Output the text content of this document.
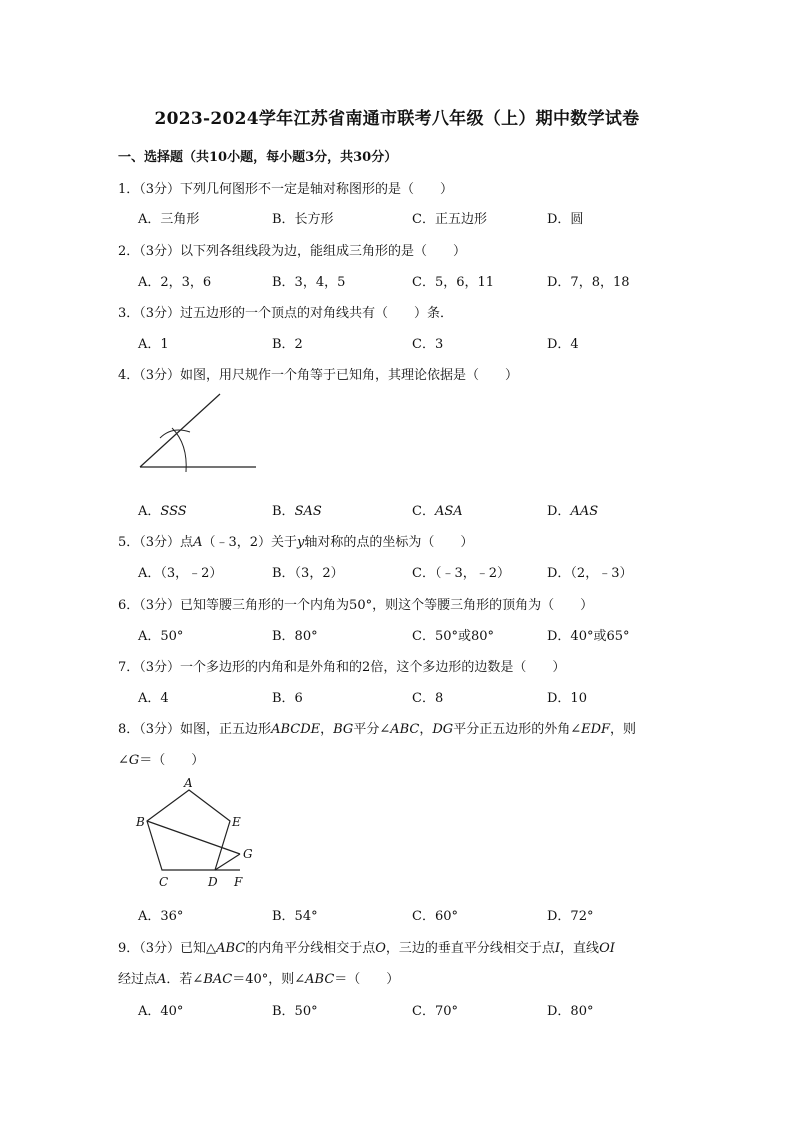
2023-2024学年江苏省南通市联考八年级（上）期中数学试卷
一、选择题（共10小题，每小题3分，共30分）
1．（3分）下列几何图形不一定是轴对称图形的是（　　）
A．三角形	B．长方形	C．正五边形	D．圆
2．（3分）以下列各组线段为边，能组成三角形的是（　　）
A．2，3，6	B．3，4，5	C．5，6，11	D．7，8，18
3．（3分）过五边形的一个顶点的对角线共有（　　）条．
A．1	B．2	C．3	D．4
4．（3分）如图，用尺规作一个角等于已知角，其理论依据是（　　）
A．SSS	B．SAS	C．ASA	D．AAS
5．（3分）点A（﹣3，2）关于y轴对称的点的坐标为（　　）
A．（3，﹣2）	B．（3，2）	C．（﹣3，﹣2）	D．（2，﹣3）
6．（3分）已知等腰三角形的一个内角为50°，则这个等腰三角形的顶角为（　　）
A．50°	B．80°	C．50°或80°	D．40°或65°
7．（3分）一个多边形的内角和是外角和的2倍，这个多边形的边数是（　　）
A．4	B．6	C．8	D．10
8．（3分）如图，正五边形ABCDE，BG平分∠ABC，DG平分正五边形的外角∠EDF，则
∠G＝（　　）
A
B
C	D
E
F
G
A．36°	B．54°	C．60°	D．72°
9．（3分）已知△ABC的内角平分线相交于点O，三边的垂直平分线相交于点I，直线OI
经过点A．若∠BAC＝40°，则∠ABC＝（　　）
A．40°	B．50°	C．70°	D．80°
